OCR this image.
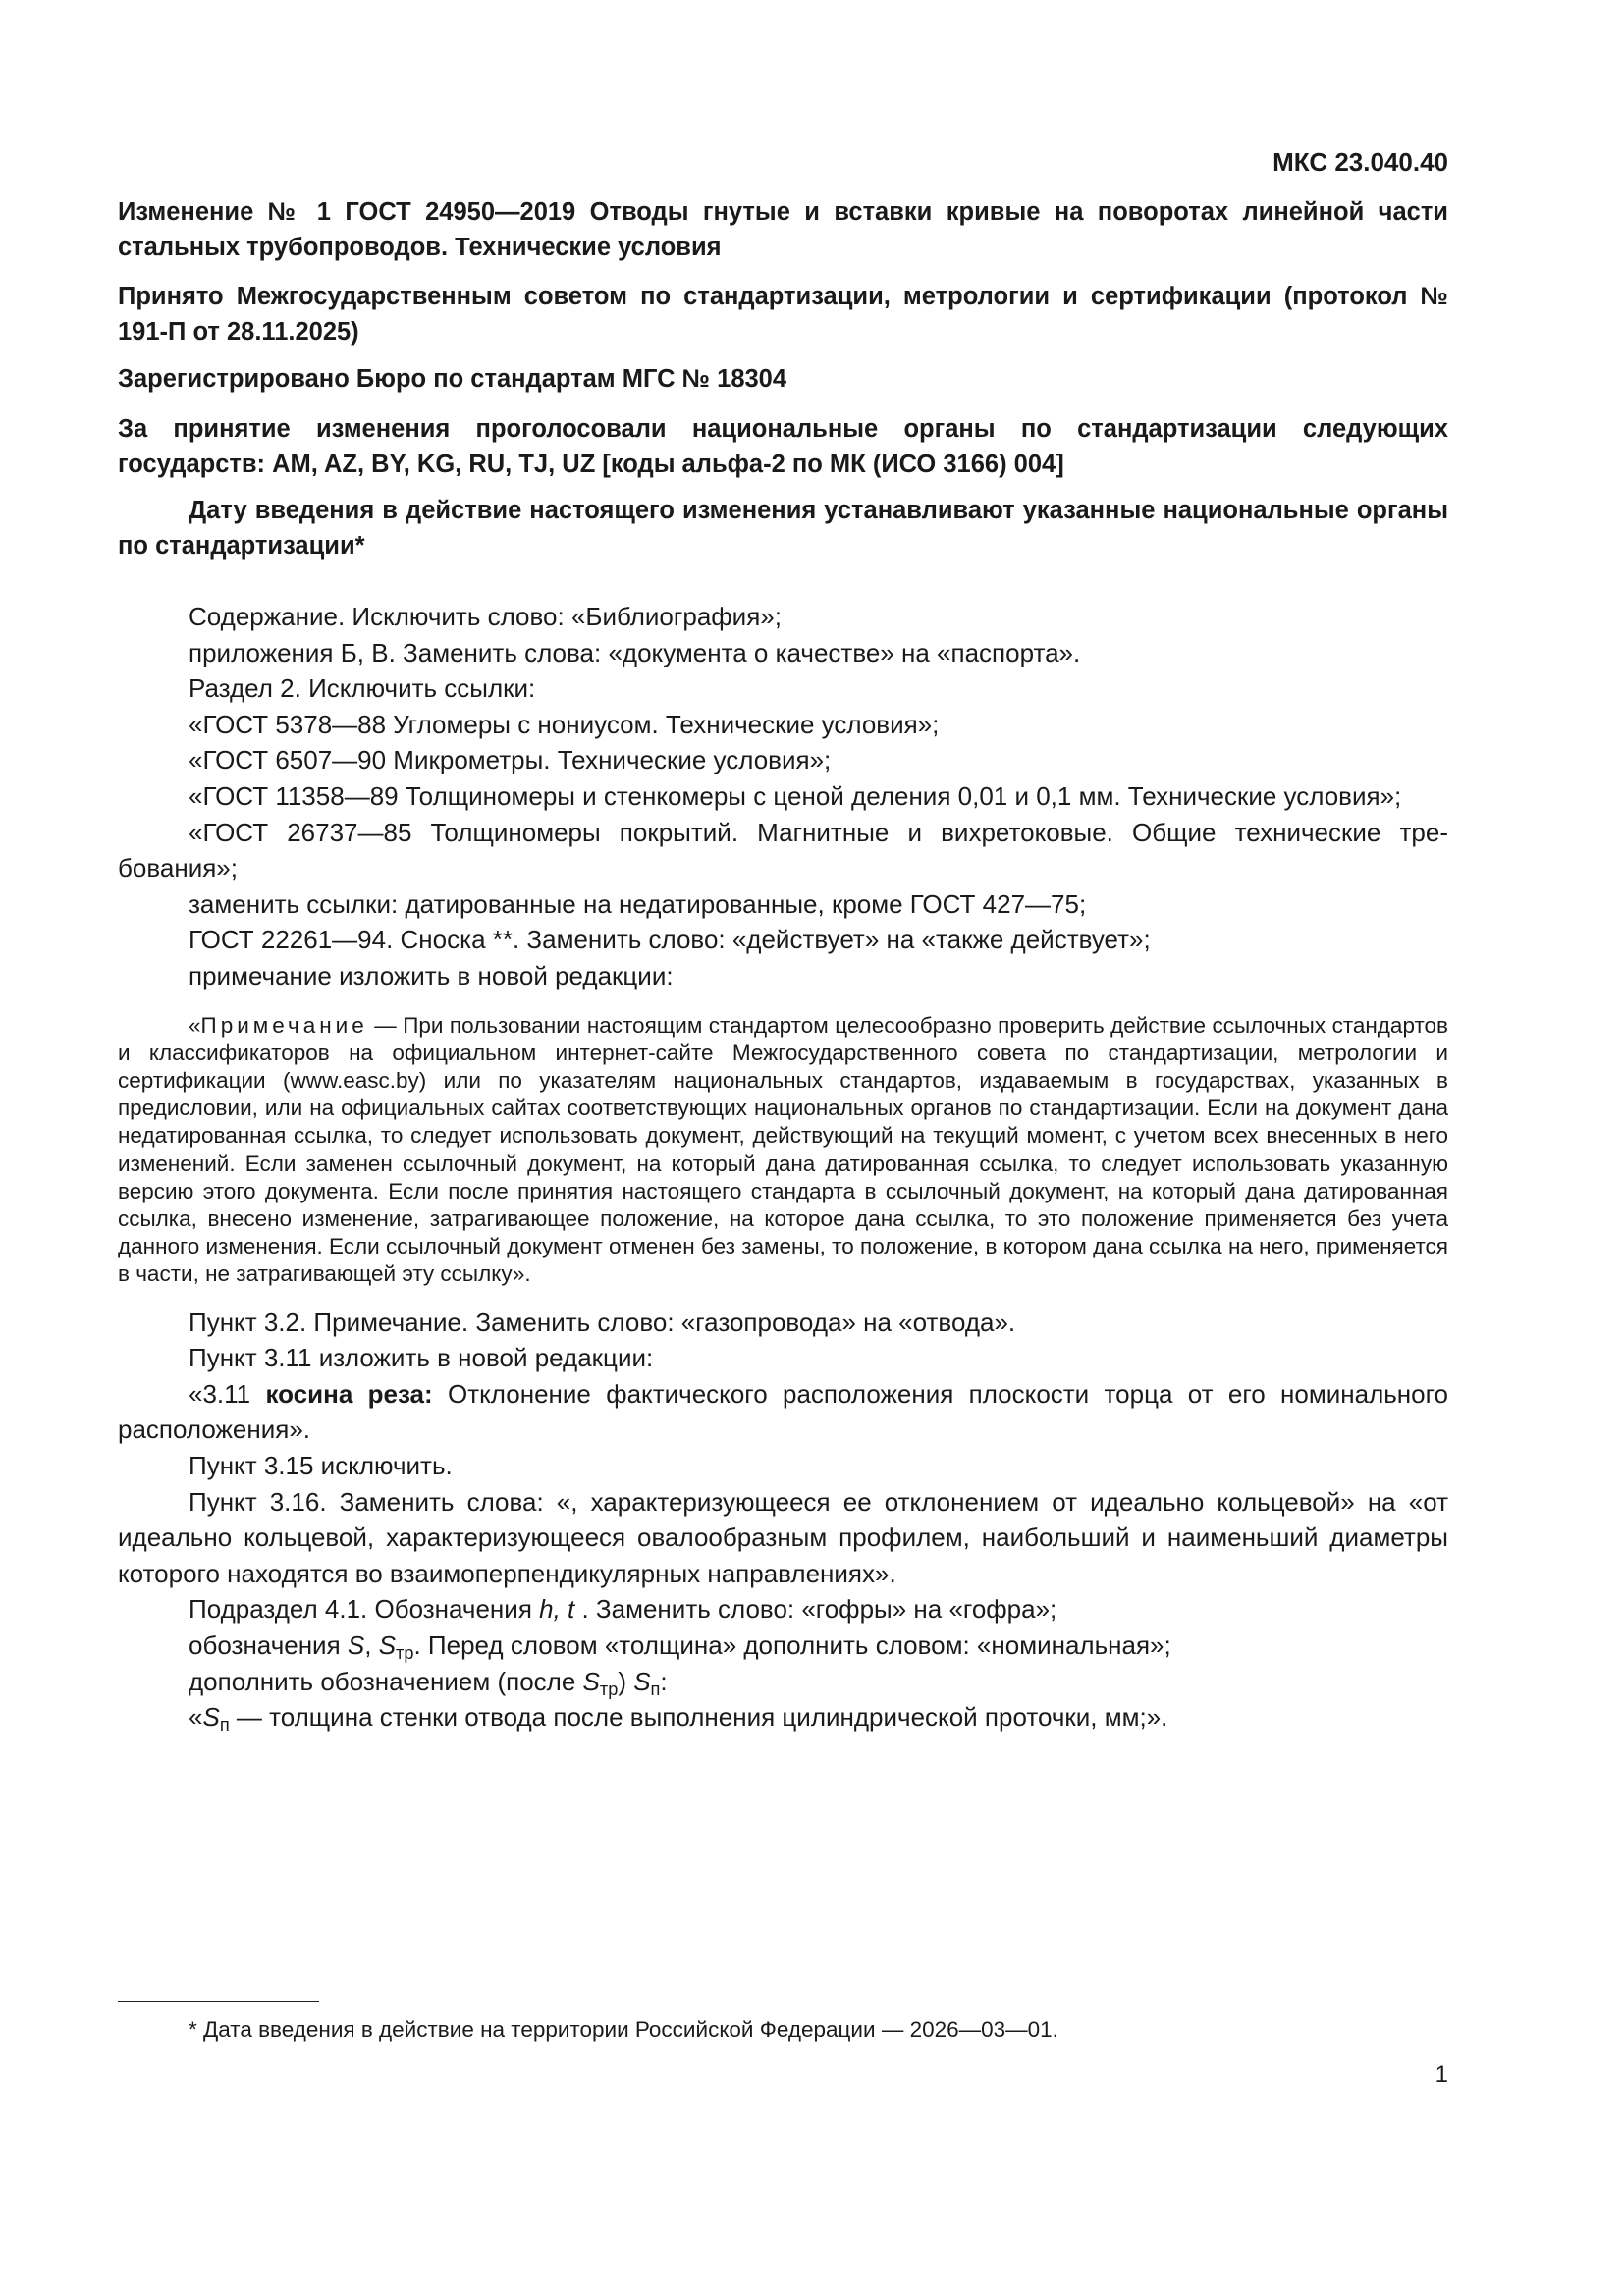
МКС 23.040.40
Изменение № 1 ГОСТ 24950—2019 Отводы гнутые и вставки кривые на поворотах линейной части стальных трубопроводов. Технические условия
Принято Межгосударственным советом по стандартизации, метрологии и сертификации (протокол № 191-П от 28.11.2025)
Зарегистрировано Бюро по стандартам МГС № 18304
За принятие изменения проголосовали национальные органы по стандартизации следующих государств: AM, AZ, BY, KG, RU, TJ, UZ [коды альфа-2 по МК (ИСО 3166) 004]
Дату введения в действие настоящего изменения устанавливают указанные национальные органы по стандартизации*

Содержание. Исключить слово: «Библиография»;

приложения Б, В. Заменить слова: «документа о качестве» на «паспорта».

Раздел 2. Исключить ссылки:

«ГОСТ 5378—88 Угломеры с нониусом. Технические условия»;

«ГОСТ 6507—90 Микрометры. Технические условия»;

«ГОСТ 11358—89 Толщиномеры и стенкомеры с ценой деления 0,01 и 0,1 мм. Технические условия»;

«ГОСТ 26737—85 Толщиномеры покрытий. Магнитные и вихретоковые. Общие технические требования»;

заменить ссылки: датированные на недатированные, кроме ГОСТ 427—75;

ГОСТ 22261—94. Сноска **. Заменить слово: «действует» на «также действует»;

примечание изложить в новой редакции:

«Примечание — При пользовании настоящим стандартом целесообразно проверить действие ссылочных стандартов и классификаторов на официальном интернет-сайте Межгосударственного совета по стандартизации, метрологии и сертификации (www.easc.by) или по указателям национальных стандартов, издаваемым в государствах, указанных в предисловии, или на официальных сайтах соответствующих национальных органов по стандартизации. Если на документ дана недатированная ссылка, то следует использовать документ, действующий на текущий момент, с учетом всех внесенных в него изменений. Если заменен ссылочный документ, на который дана датированная ссылка, то следует использовать указанную версию этого документа. Если после принятия настоящего стандарта в ссылочный документ, на который дана датированная ссылка, внесено изменение, затрагивающее положение, на которое дана ссылка, то это положение применяется без учета данного изменения. Если ссылочный документ отменен без замены, то положение, в котором дана ссылка на него, применяется в части, не затрагивающей эту ссылку».

Пункт 3.2. Примечание. Заменить слово: «газопровода» на «отвода».

Пункт 3.11 изложить в новой редакции:

«3.11 косина реза: Отклонение фактического расположения плоскости торца от его номинального расположения».

Пункт 3.15 исключить.

Пункт 3.16. Заменить слова: «, характеризующееся ее отклонением от идеально кольцевой» на «от идеально кольцевой, характеризующееся овалообразным профилем, наибольший и наименьший диаметры которого находятся во взаимоперпендикулярных направлениях».

Подраздел 4.1. Обозначения h, t . Заменить слово: «гофры» на «гофра»;

обозначения S, $S_{тр}$. Перед словом «толщина» дополнить словом: «номинальная»;

дополнить обозначением (после $S_{тр}$) $S_п$:

«$S_п$ — толщина стенки отвода после выполнения цилиндрической проточки, мм;».

* Дата введения в действие на территории Российской Федерации — 2026—03—01.
1
